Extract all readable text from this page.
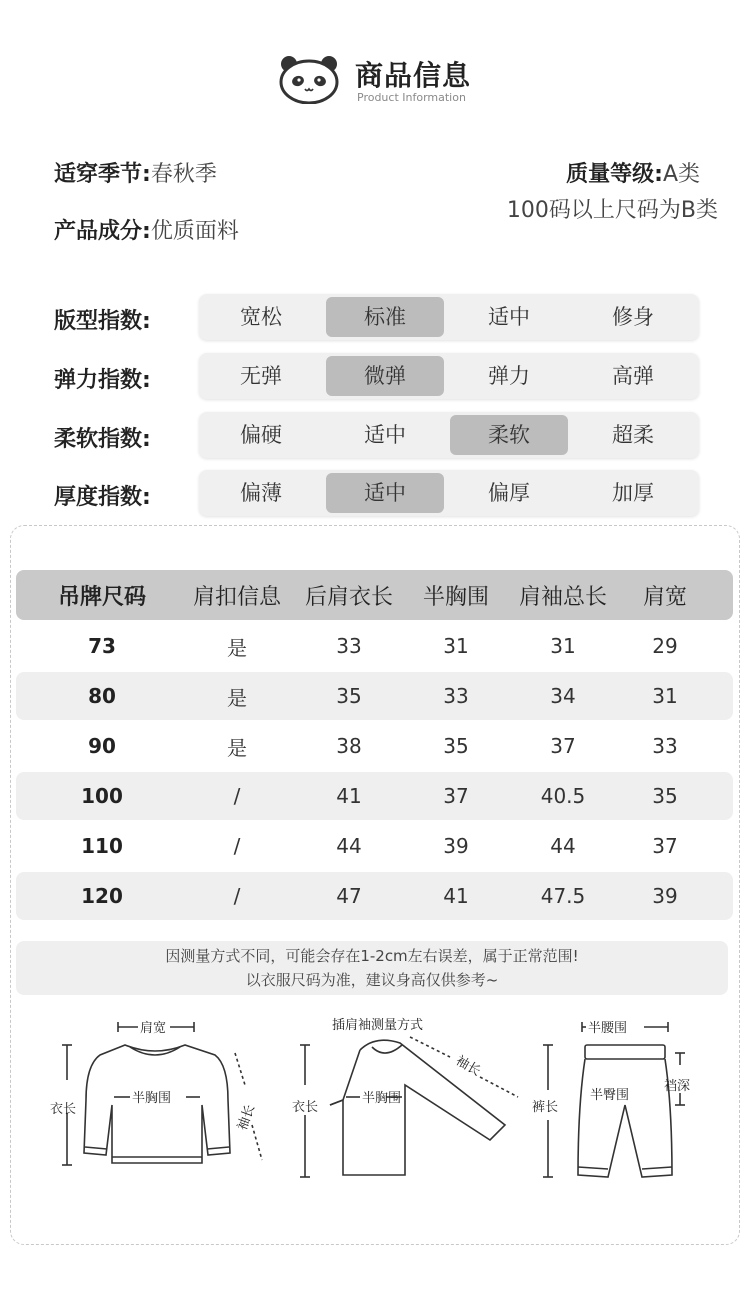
商品信息
Product Information
适穿季节:春秋季
产品成分:优质面料
质量等级:A类
100码以上尺码为B类
版型指数:	宽松	标准	适中	修身
弹力指数:	无弹	微弹	弹力	高弹
柔软指数:	偏硬	适中	柔软	超柔
厚度指数:	偏薄	适中	偏厚	加厚
吊牌尺码	肩扣信息	后肩衣长	半胸围	肩袖总长	肩宽
73	是	33	31	31	29
80	是	35	33	34	31
90	是	38	35	37	33
100	/	41	37	40.5	35
110	/	44	39	44	37
120	/	47	41	47.5	39
因测量方式不同，可能会存在1-2cm左右误差，属于正常范围!
以衣服尺码为准，建议身高仅供参考~
肩宽
半胸围
衣长	袖长
插肩袖测量方式
半胸围
衣长
袖长
半腰围
半臀围
裤长
裆深
